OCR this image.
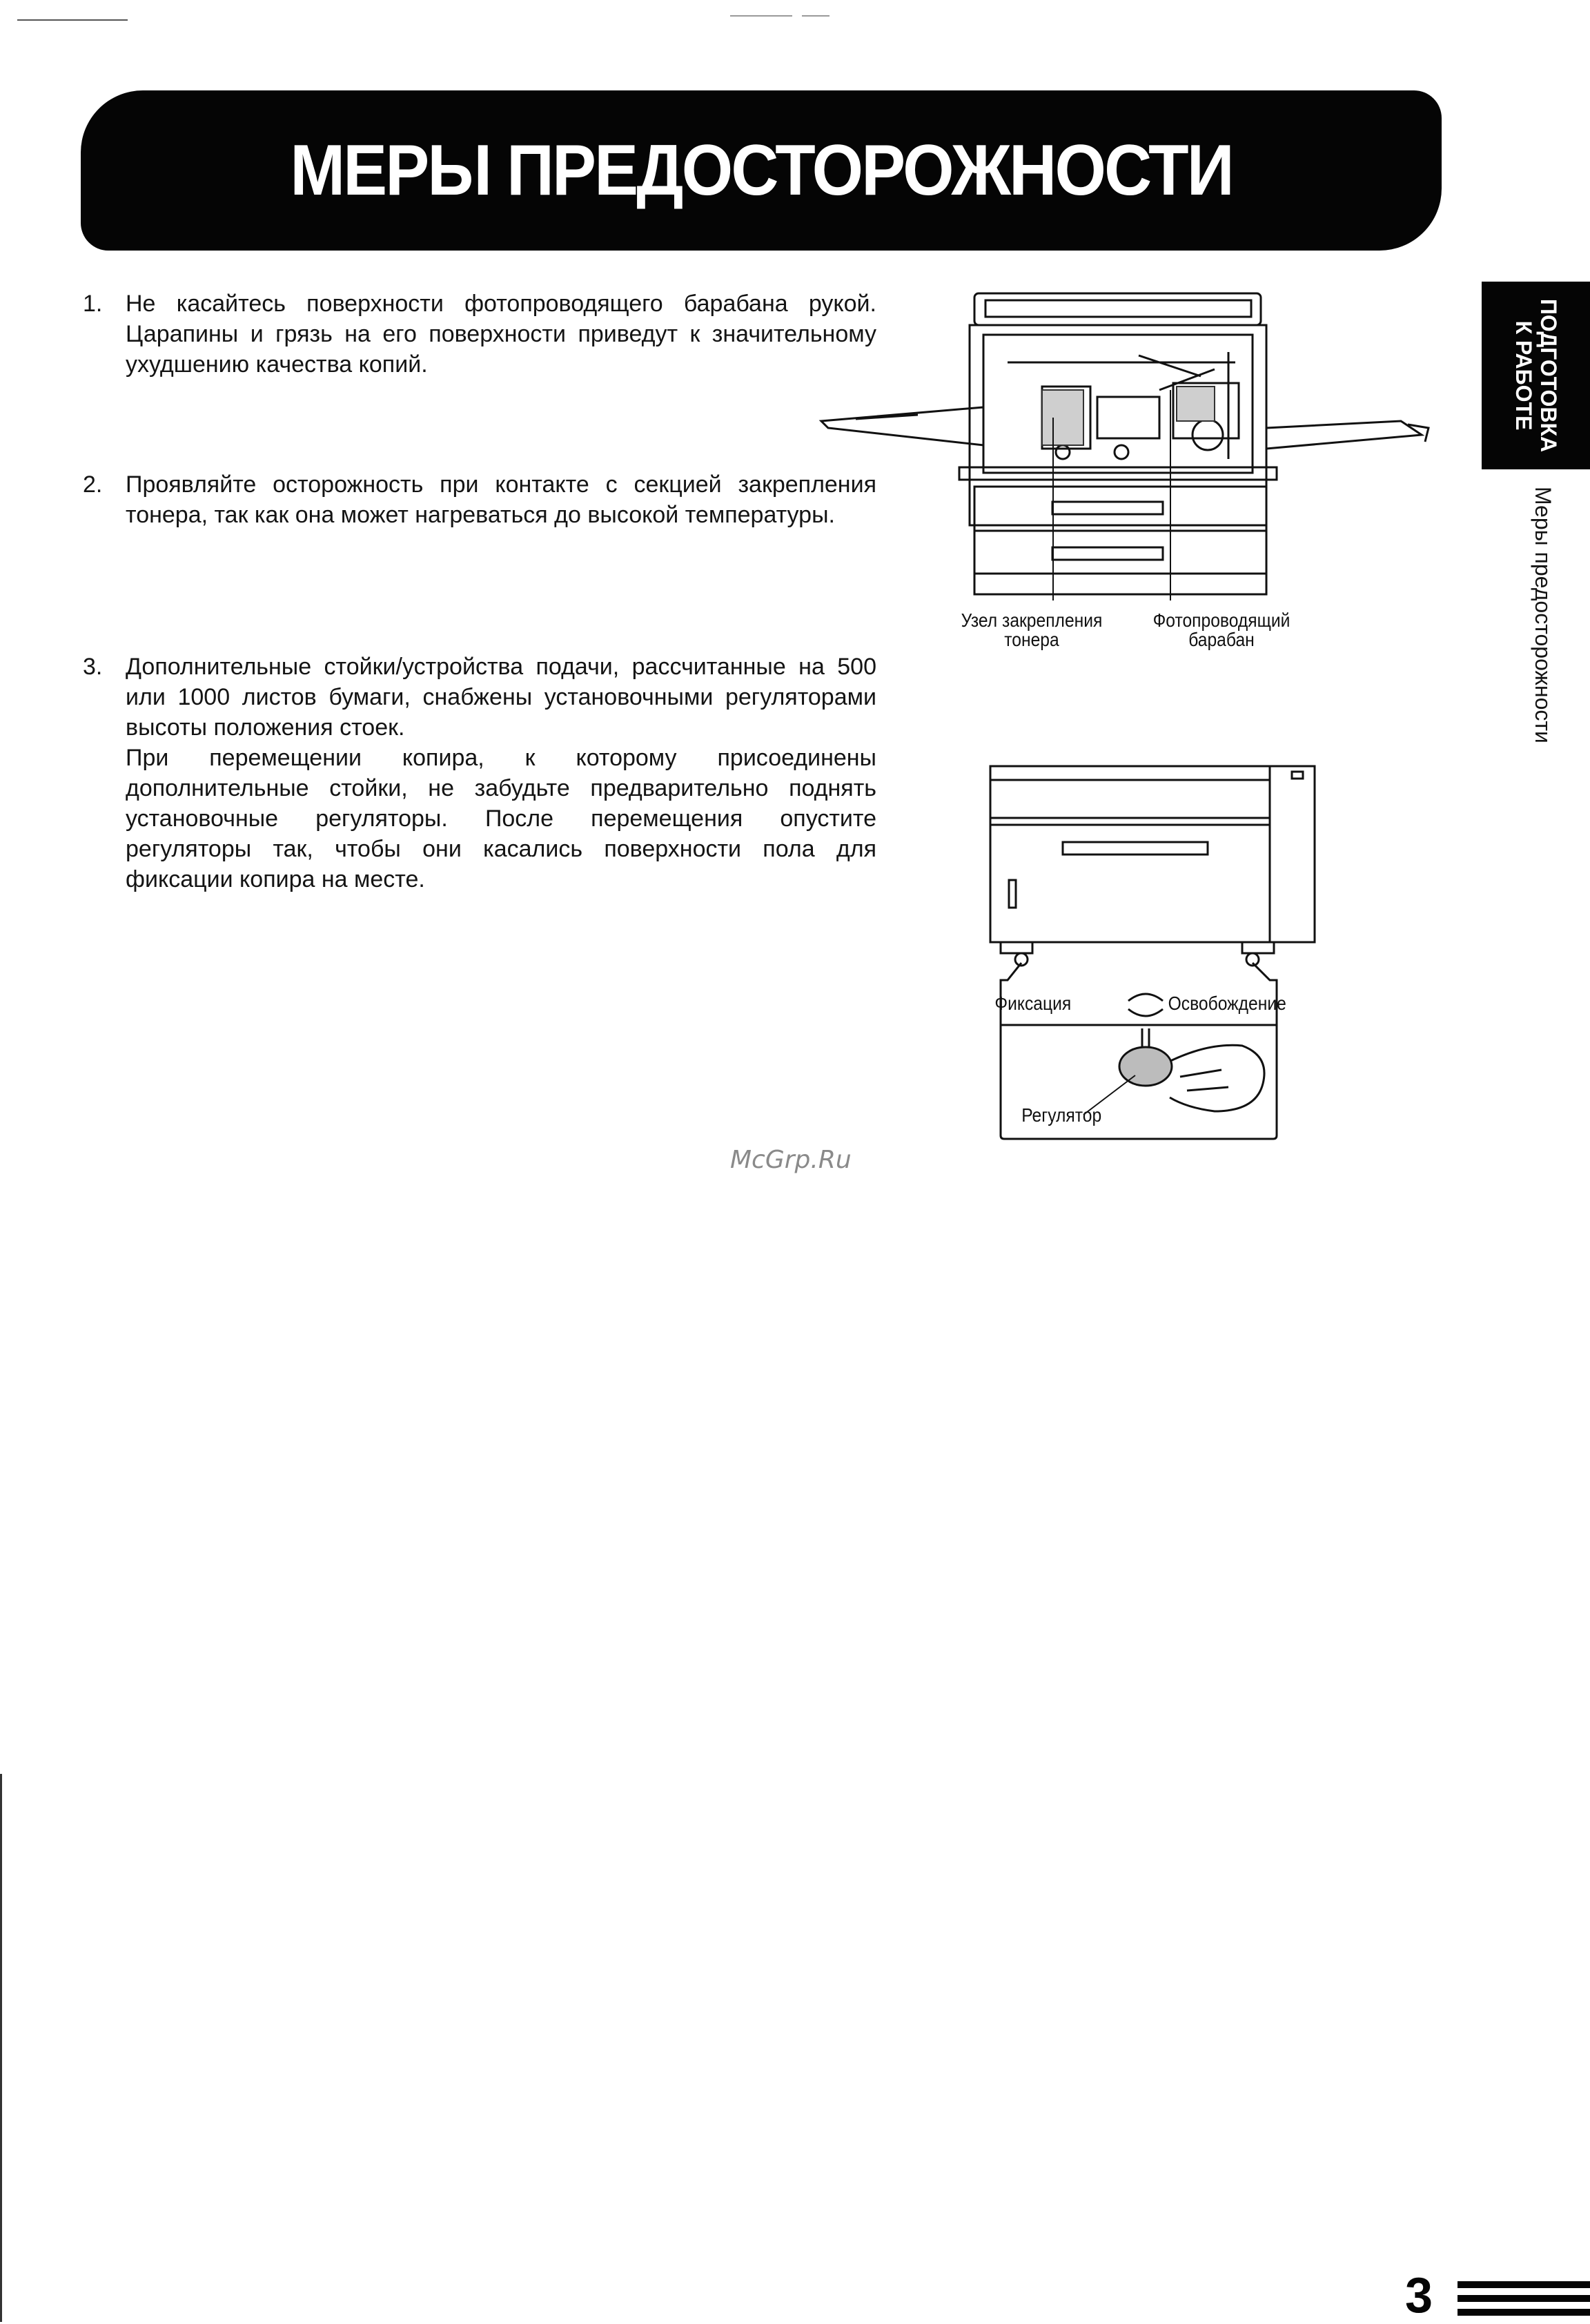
МЕРЫ ПРЕДОСТОРОЖНОСТИ
ПОДГОТОВКА
К РАБОТЕ
Меры предосторожности
1. Не касайтесь поверхности фотопроводящего барабана рукой. Царапины и грязь на его поверхности приведут к значительному ухудшению качества копий.

2. Проявляйте осторожность при контакте с секцией закрепления тонера, так как она может нагреваться до высокой температуры.

3. Дополнительные стойки/устройства подачи, рассчитанные на 500 или 1000 листов бумаги, снабжены установочными регуляторами высоты положения стоек.

При перемещении копира, к которому присоединены дополнительные стойки, не забудьте предварительно поднять установочные регуляторы. После перемещения опустите регуляторы так, чтобы они касались поверхности пола для фиксации копира на месте.

Узел закрепления
тонера
Фотопроводящий
барабан
Фиксация	Освобождение
Регулятор
McGrp.Ru
3
